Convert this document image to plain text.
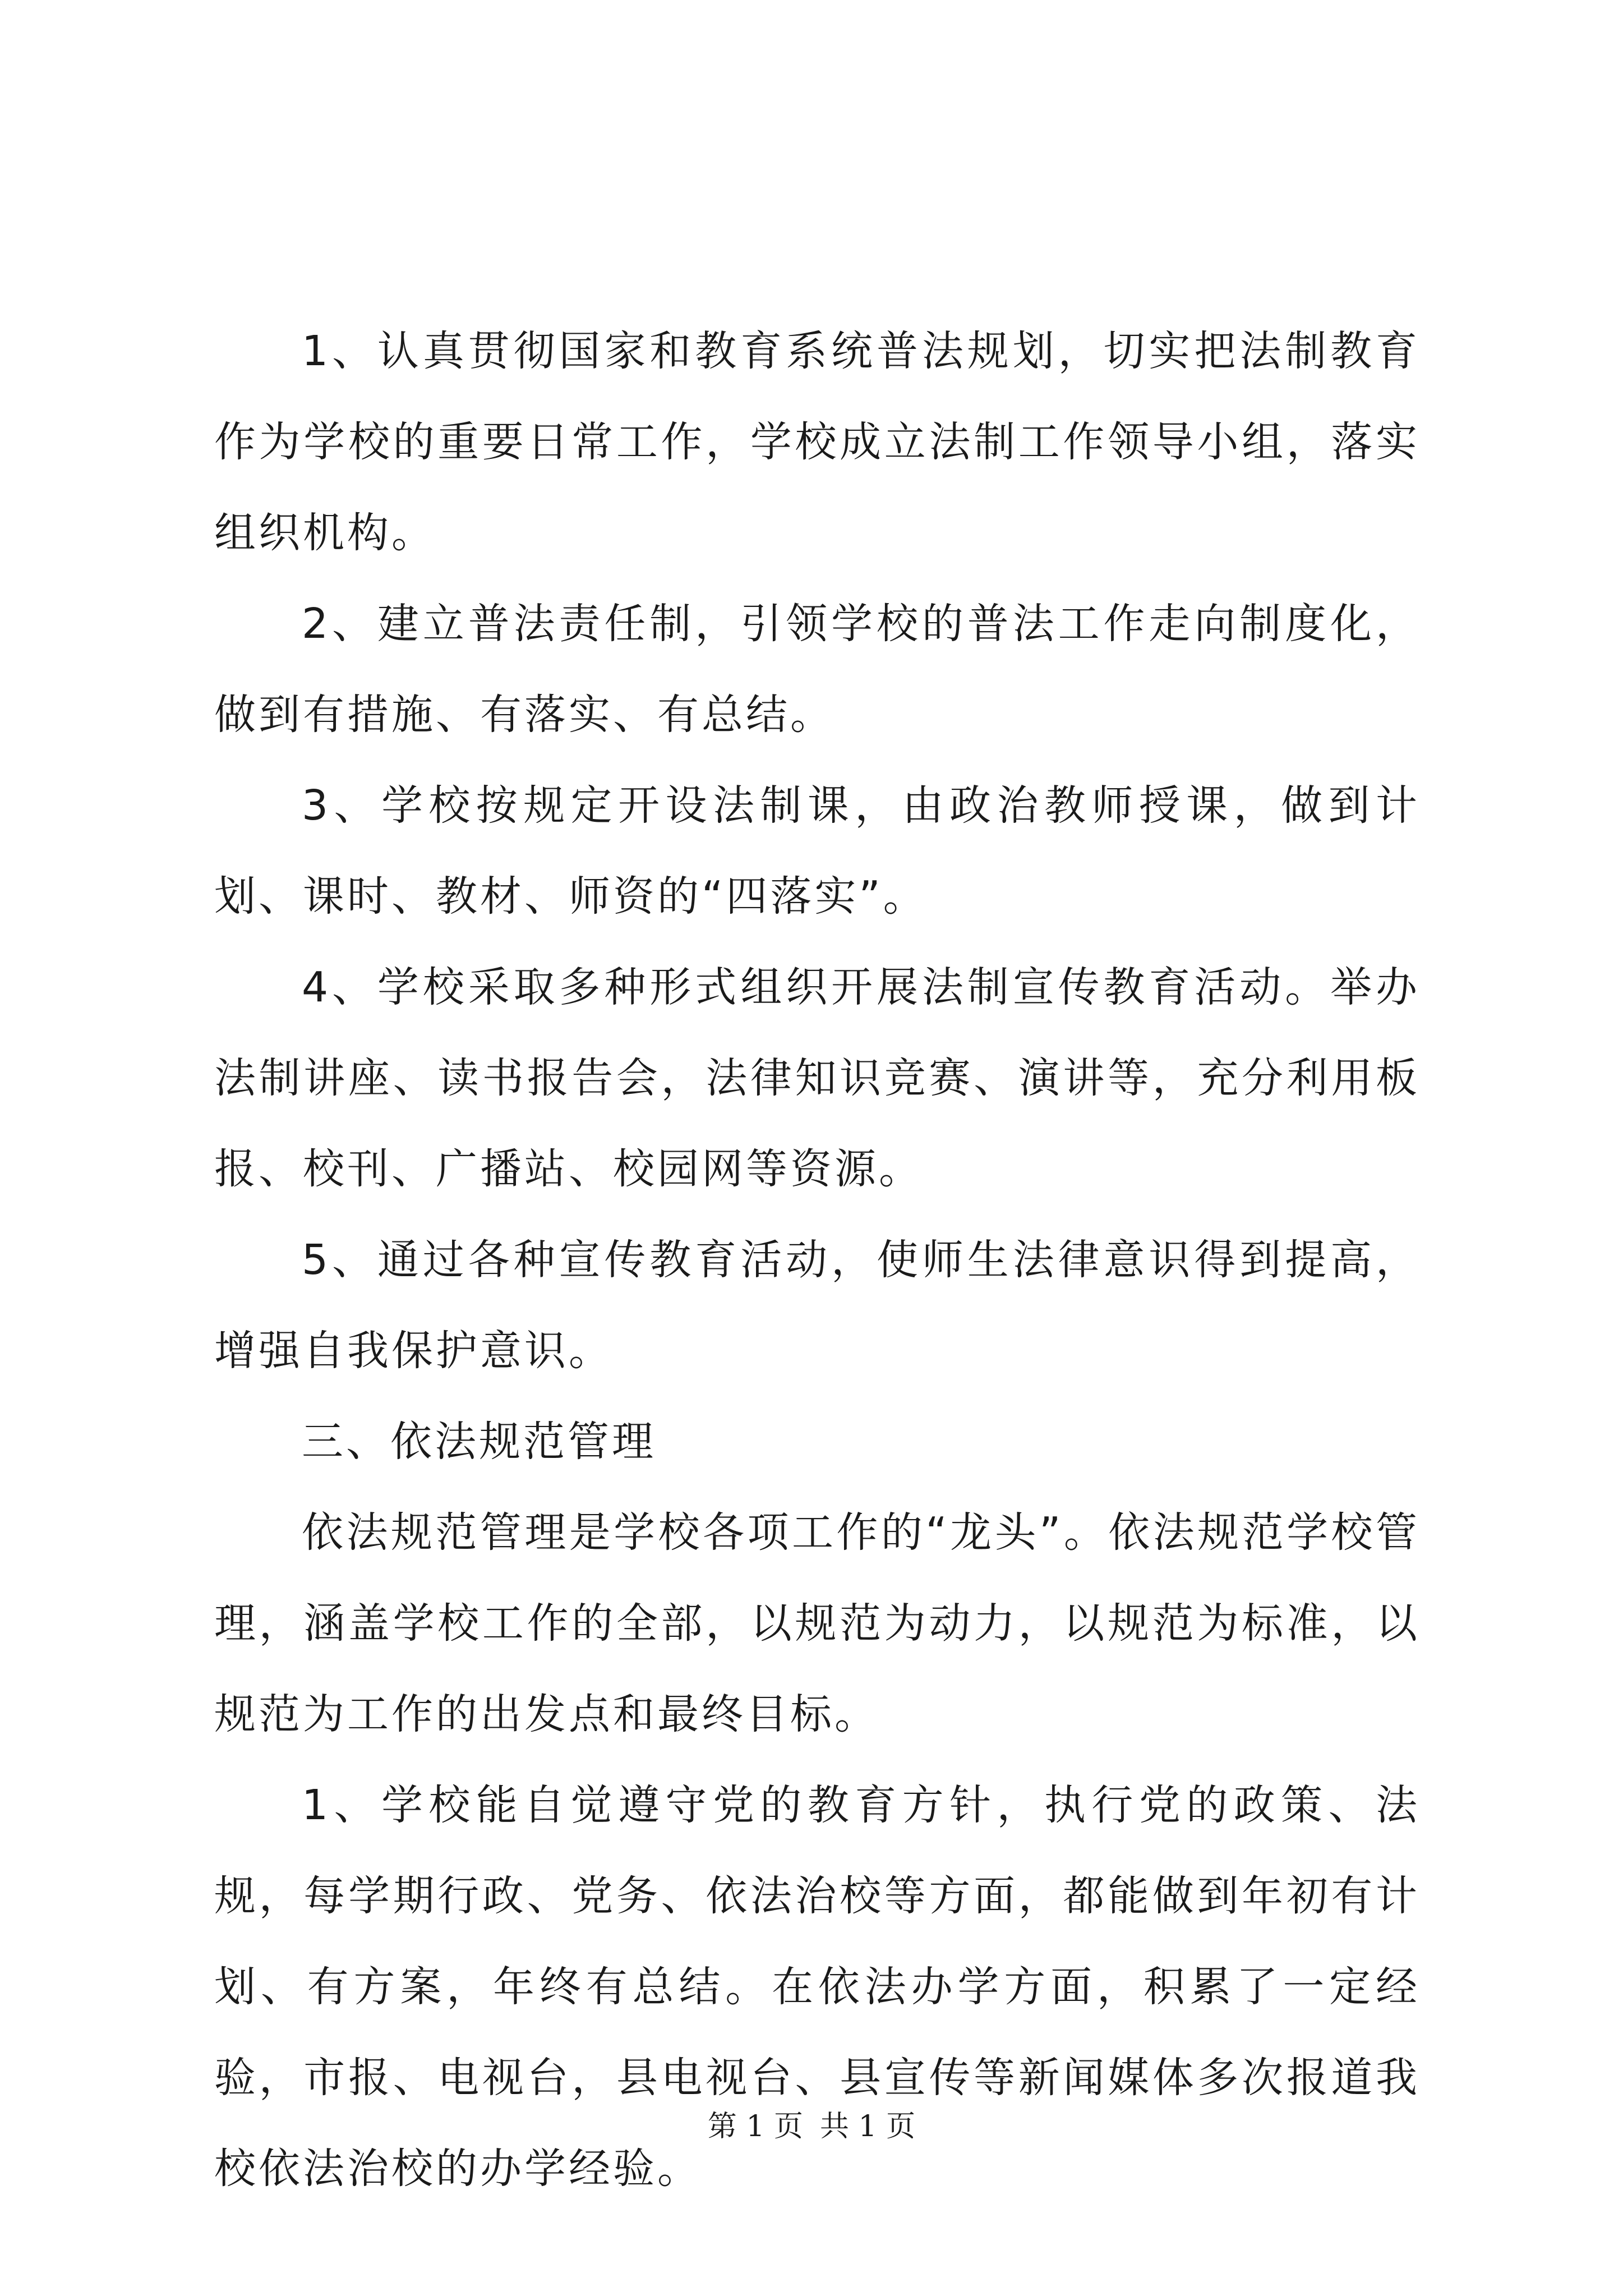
1、认真贯彻国家和教育系统普法规划，切实把法制教育作为学校的重要日常工作，学校成立法制工作领导小组，落实组织机构。

2、建立普法责任制，引领学校的普法工作走向制度化，做到有措施、有落实、有总结。

3、学校按规定开设法制课，由政治教师授课，做到计划、课时、教材、师资的“四落实”。

4、学校采取多种形式组织开展法制宣传教育活动。举办法制讲座、读书报告会，法律知识竞赛、演讲等，充分利用板报、校刊、广播站、校园网等资源。

5、通过各种宣传教育活动，使师生法律意识得到提高，增强自我保护意识。

三、依法规范管理

依法规范管理是学校各项工作的“龙头”。依法规范学校管理，涵盖学校工作的全部，以规范为动力，以规范为标准，以规范为工作的出发点和最终目标。

1、学校能自觉遵守党的教育方针，执行党的政策、法规，每学期行政、党务、依法治校等方面，都能做到年初有计划、有方案，年终有总结。在依法办学方面，积累了一定经验，市报、电视台，县电视台、县宣传等新闻媒体多次报道我校依法治校的办学经验。

第 1 页 共 1 页
